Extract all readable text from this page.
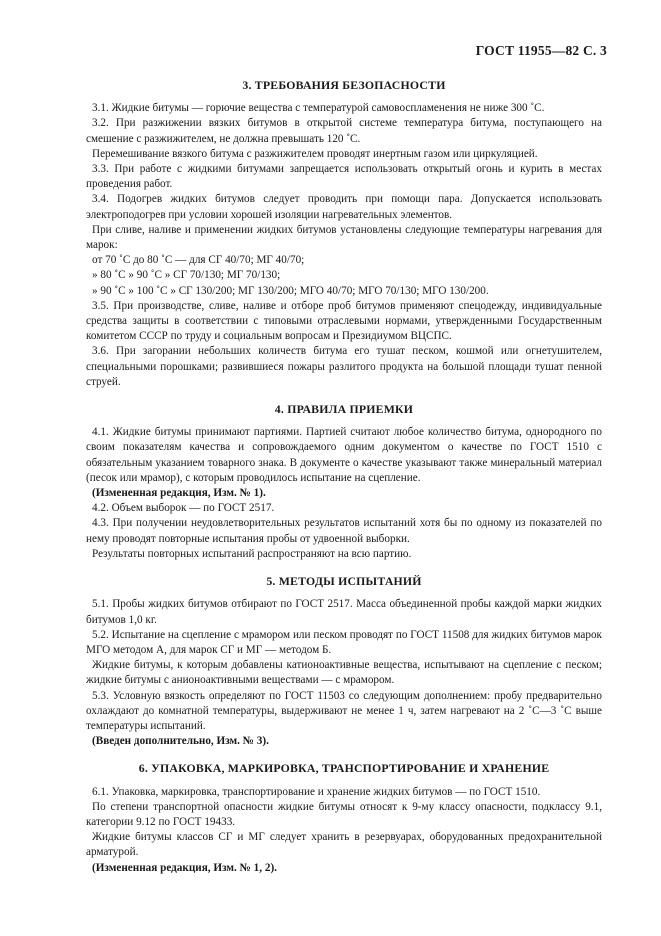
ГОСТ 11955—82 С. 3
3. ТРЕБОВАНИЯ БЕЗОПАСНОСТИ

3.1. Жидкие битумы — горючие вещества с температурой самовоспламенения не ниже 300 ˚С.

3.2. При разжижении вязких битумов в открытой системе температура битума, поступающего на смешение с разжижителем, не должна превышать 120 ˚С.

Перемешивание вязкого битума с разжижителем проводят инертным газом или циркуляцией.

3.3. При работе с жидкими битумами запрещается использовать открытый огонь и курить в местах проведения работ.

3.4. Подогрев жидких битумов следует проводить при помощи пара. Допускается использовать электроподогрев при условии хорошей изоляции нагревательных элементов.

При сливе, наливе и применении жидких битумов установлены следующие температуры нагревания для марок:

от 70 ˚С до 80 ˚С — для СГ 40/70; МГ 40/70;

» 80 ˚С » 90 ˚С » СГ 70/130; МГ 70/130;

» 90 ˚С » 100 ˚С » СГ 130/200; МГ 130/200; МГО 40/70; МГО 70/130; МГО 130/200.

3.5. При производстве, сливе, наливе и отборе проб битумов применяют спецодежду, индивидуальные средства защиты в соответствии с типовыми отраслевыми нормами, утвержденными Государственным комитетом СССР по труду и социальным вопросам и Президиумом ВЦСПС.

3.6. При загорании небольших количеств битума его тушат песком, кошмой или огнетушителем, специальными порошками; развившиеся пожары разлитого продукта на большой площади тушат пенной струей.

4. ПРАВИЛА ПРИЕМКИ

4.1. Жидкие битумы принимают партиями. Партией считают любое количество битума, однородного по своим показателям качества и сопровождаемого одним документом о качестве по ГОСТ 1510 с обязательным указанием товарного знака. В документе о качестве указывают также минеральный материал (песок или мрамор), с которым проводилось испытание на сцепление.

(Измененная редакция, Изм. № 1).

4.2. Объем выборок — по ГОСТ 2517.

4.3. При получении неудовлетворительных результатов испытаний хотя бы по одному из показателей по нему проводят повторные испытания пробы от удвоенной выборки.

Результаты повторных испытаний распространяют на всю партию.

5. МЕТОДЫ ИСПЫТАНИЙ

5.1. Пробы жидких битумов отбирают по ГОСТ 2517. Масса объединенной пробы каждой марки жидких битумов 1,0 кг.

5.2. Испытание на сцепление с мрамором или песком проводят по ГОСТ 11508 для жидких битумов марок МГО методом А, для марок СГ и МГ — методом Б.

Жидкие битумы, к которым добавлены катионоактивные вещества, испытывают на сцепление с песком; жидкие битумы с анионоактивными веществами — с мрамором.

5.3. Условную вязкость определяют по ГОСТ 11503 со следующим дополнением: пробу предварительно охлаждают до комнатной температуры, выдерживают не менее 1 ч, затем нагревают на 2 ˚С—3 ˚С выше температуры испытаний.

(Введен дополнительно, Изм. № 3).

6. УПАКОВКА, МАРКИРОВКА, ТРАНСПОРТИРОВАНИЕ И ХРАНЕНИЕ

6.1. Упаковка, маркировка, транспортирование и хранение жидких битумов — по ГОСТ 1510.

По степени транспортной опасности жидкие битумы относят к 9-му классу опасности, подклассу 9.1, категории 9.12 по ГОСТ 19433.

Жидкие битумы классов СГ и МГ следует хранить в резервуарах, оборудованных предохранительной арматурой.

(Измененная редакция, Изм. № 1, 2).
